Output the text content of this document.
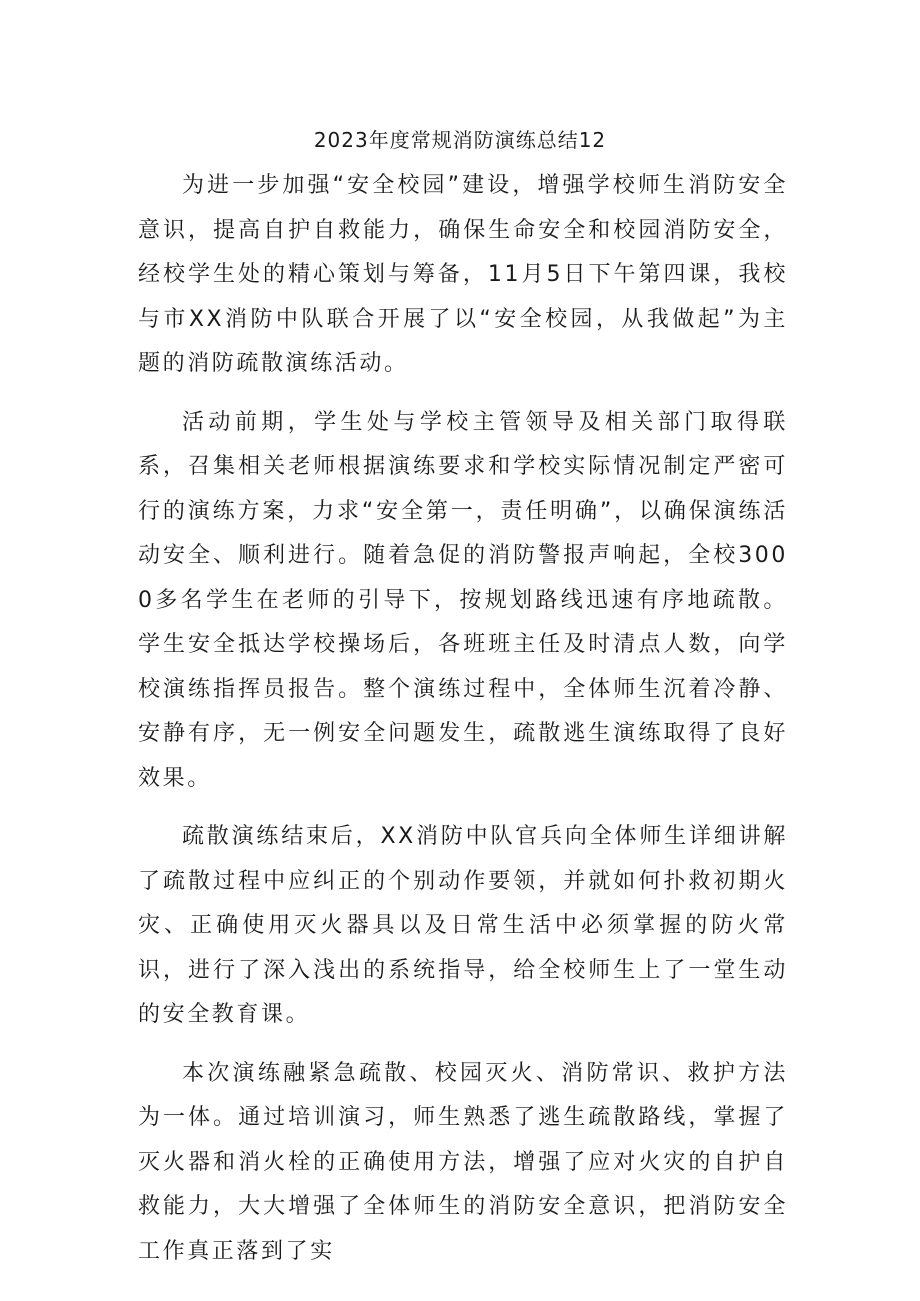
2023年度常规消防演练总结12

为进一步加强“安全校园”建设，增强学校师生消防安全意识，提高自护自救能力，确保生命安全和校园消防安全，经校学生处的精心策划与筹备，11月5日下午第四课，我校与市XX消防中队联合开展了以“安全校园，从我做起”为主题的消防疏散演练活动。

活动前期，学生处与学校主管领导及相关部门取得联系，召集相关老师根据演练要求和学校实际情况制定严密可行的演练方案，力求“安全第一，责任明确”，以确保演练活动安全、顺利进行。随着急促的消防警报声响起，全校3000多名学生在老师的引导下，按规划路线迅速有序地疏散。学生安全抵达学校操场后，各班班主任及时清点人数，向学校演练指挥员报告。整个演练过程中，全体师生沉着冷静、安静有序，无一例安全问题发生，疏散逃生演练取得了良好效果。

疏散演练结束后，XX消防中队官兵向全体师生详细讲解了疏散过程中应纠正的个别动作要领，并就如何扑救初期火灾、正确使用灭火器具以及日常生活中必须掌握的防火常识，进行了深入浅出的系统指导，给全校师生上了一堂生动的安全教育课。

本次演练融紧急疏散、校园灭火、消防常识、救护方法为一体。通过培训演习，师生熟悉了逃生疏散路线，掌握了灭火器和消火栓的正确使用方法，增强了应对火灾的自护自救能力，大大增强了全体师生的消防安全意识，把消防安全工作真正落到了实
